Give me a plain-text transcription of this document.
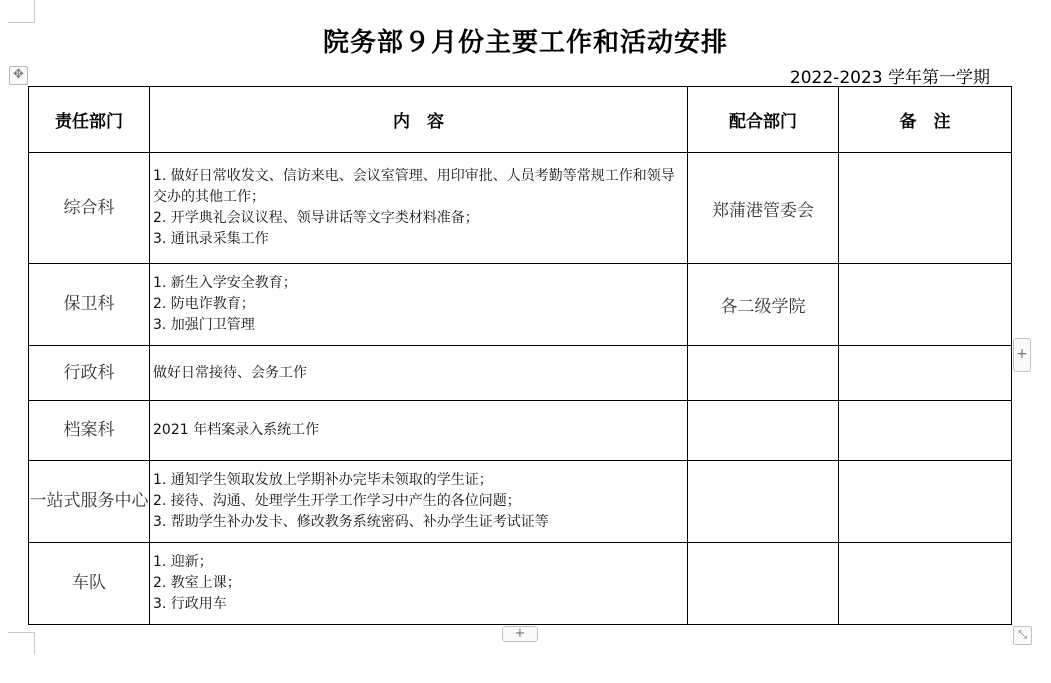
✥
院务部９月份主要工作和活动安排
2022-2023 学年第一学期
责任部门	内　容	配合部门	备　注
综合科	1. 做好日常收发文、信访来电、会议室管理、用印审批、人员考勤等常规工作和领导交办的其他工作；
2. 开学典礼会议议程、领导讲话等文字类材料准备；
3. 通讯录采集工作	郑蒲港管委会	
保卫科	1. 新生入学安全教育；
2. 防电诈教育；
3. 加强门卫管理	各二级学院	
行政科	做好日常接待、会务工作		

档案科	2021 年档案录入系统工作		

一站式服务中心	1. 通知学生领取发放上学期补办完毕未领取的学生证；
2. 接待、沟通、处理学生开学工作学习中产生的各位问题；
3. 帮助学生补办发卡、修改教务系统密码、补办学生证考试证等		

车队	1. 迎新；
2. 教室上课；
3. 行政用车		

+
+	⤡
